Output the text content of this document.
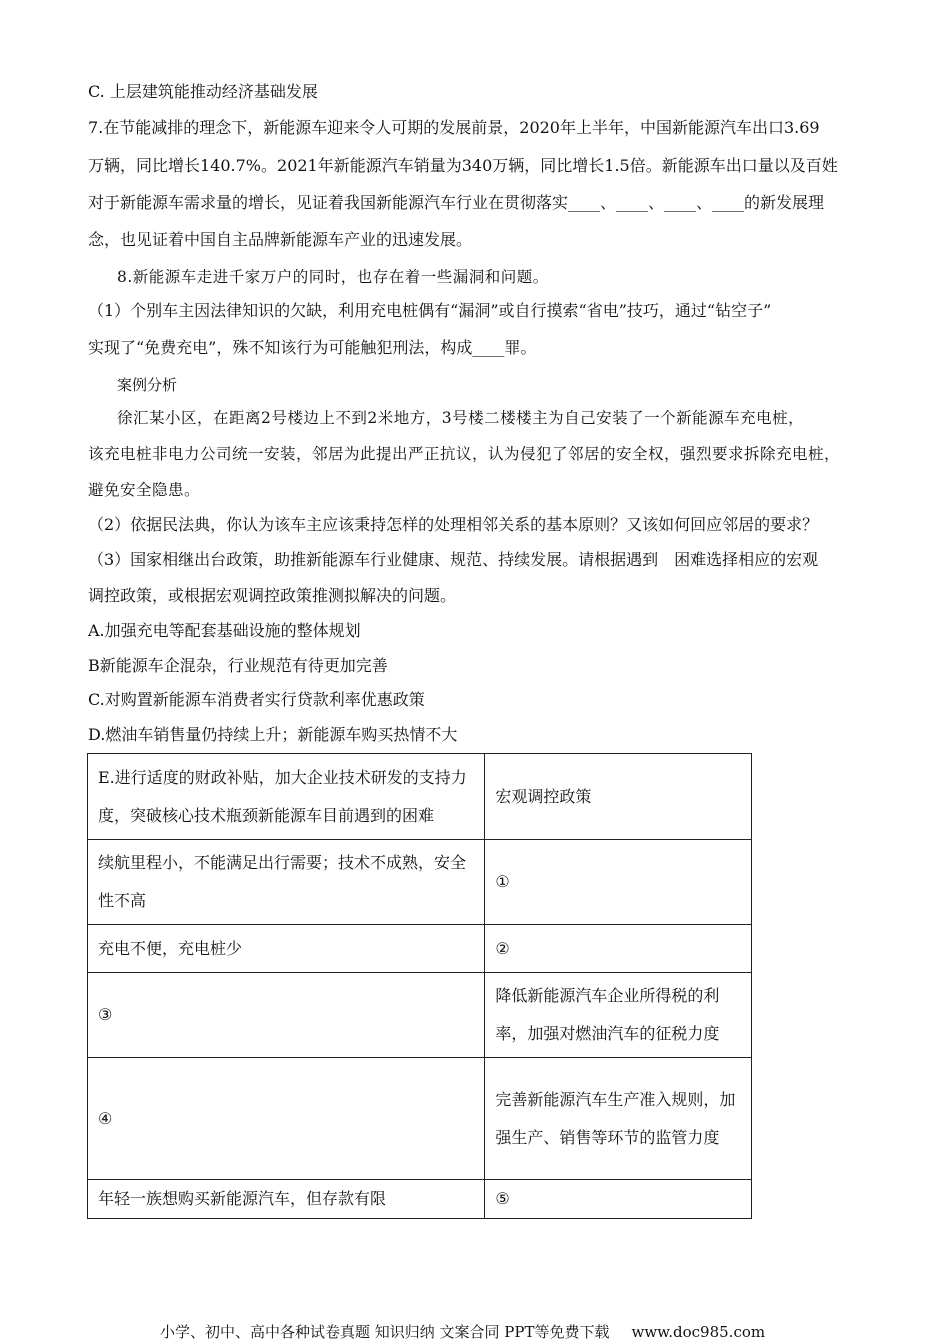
C. 上层建筑能推动经济基础发展
7.在节能减排的理念下，新能源车迎来令人可期的发展前景，2020年上半年，中国新能源汽车出口3.69
万辆，同比增长140.7%。2021年新能源汽车销量为340万辆，同比增长1.5倍。新能源车出口量以及百姓
对于新能源车需求量的增长，见证着我国新能源汽车行业在贯彻落实____、____、____、____的新发展理
念，也见证着中国自主品牌新能源车产业的迅速发展。
8.新能源车走进千家万户的同时，也存在着一些漏洞和问题。
（1）个别车主因法律知识的欠缺，利用充电桩偶有“漏洞”或自行摸索“省电”技巧，通过“钻空子”
实现了“免费充电”，殊不知该行为可能触犯刑法，构成____罪。
案例分析
徐汇某小区，在距离2号楼边上不到2米地方，3号楼二楼楼主为自己安装了一个新能源车充电桩，
该充电桩非电力公司统一安装，邻居为此提出严正抗议，认为侵犯了邻居的安全权，强烈要求拆除充电桩，
避免安全隐患。
（2）依据民法典，你认为该车主应该秉持怎样的处理相邻关系的基本原则？又该如何回应邻居的要求？
（3）国家相继出台政策，助推新能源车行业健康、规范、持续发展。请根据遇到　困难选择相应的宏观
调控政策，或根据宏观调控政策推测拟解决的问题。
A.加强充电等配套基础设施的整体规划
B新能源车企混杂，行业规范有待更加完善
C.对购置新能源车消费者实行贷款利率优惠政策
D.燃油车销售量仍持续上升；新能源车购买热情不大
E.进行适度的财政补贴，加大企业技术研发的支持力度，突破核心技术瓶颈新能源车目前遇到的困难	宏观调控政策
续航里程小，不能满足出行需要；技术不成熟，安全性不高	①
充电不便，充电桩少	②
③	降低新能源汽车企业所得税的利率，加强对燃油汽车的征税力度
④	完善新能源汽车生产准入规则，加强生产、销售等环节的监管力度
年轻一族想购买新能源汽车，但存款有限	⑤
小学、初中、高中各种试卷真题 知识归纳 文案合同 PPT等免费下载 www.doc985.com
